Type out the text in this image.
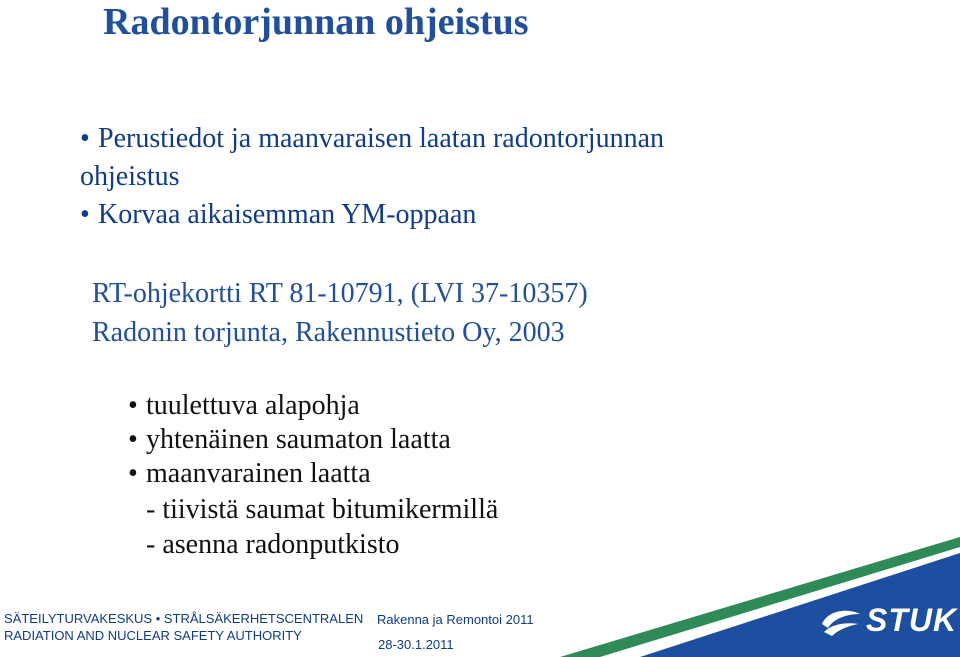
Radontorjunnan ohjeistus
• Perustiedot ja maanvaraisen laatan radontorjunnan
ohjeistus
• Korvaa aikaisemman YM-oppaan
RT-ohjekortti RT 81-10791, (LVI 37-10357)
Radonin torjunta, Rakennustieto Oy, 2003
• tuulettuva alapohja
• yhtenäinen saumaton laatta
• maanvarainen laatta
- tiivistä saumat bitumikermillä
- asenna radonputkisto
SÄTEILYTURVAKESKUS • STRÅLSÄKERHETSCENTRALEN
RADIATION AND NUCLEAR SAFETY AUTHORITY
Rakenna ja Remontoi 2011
28-30.1.2011
STUK
